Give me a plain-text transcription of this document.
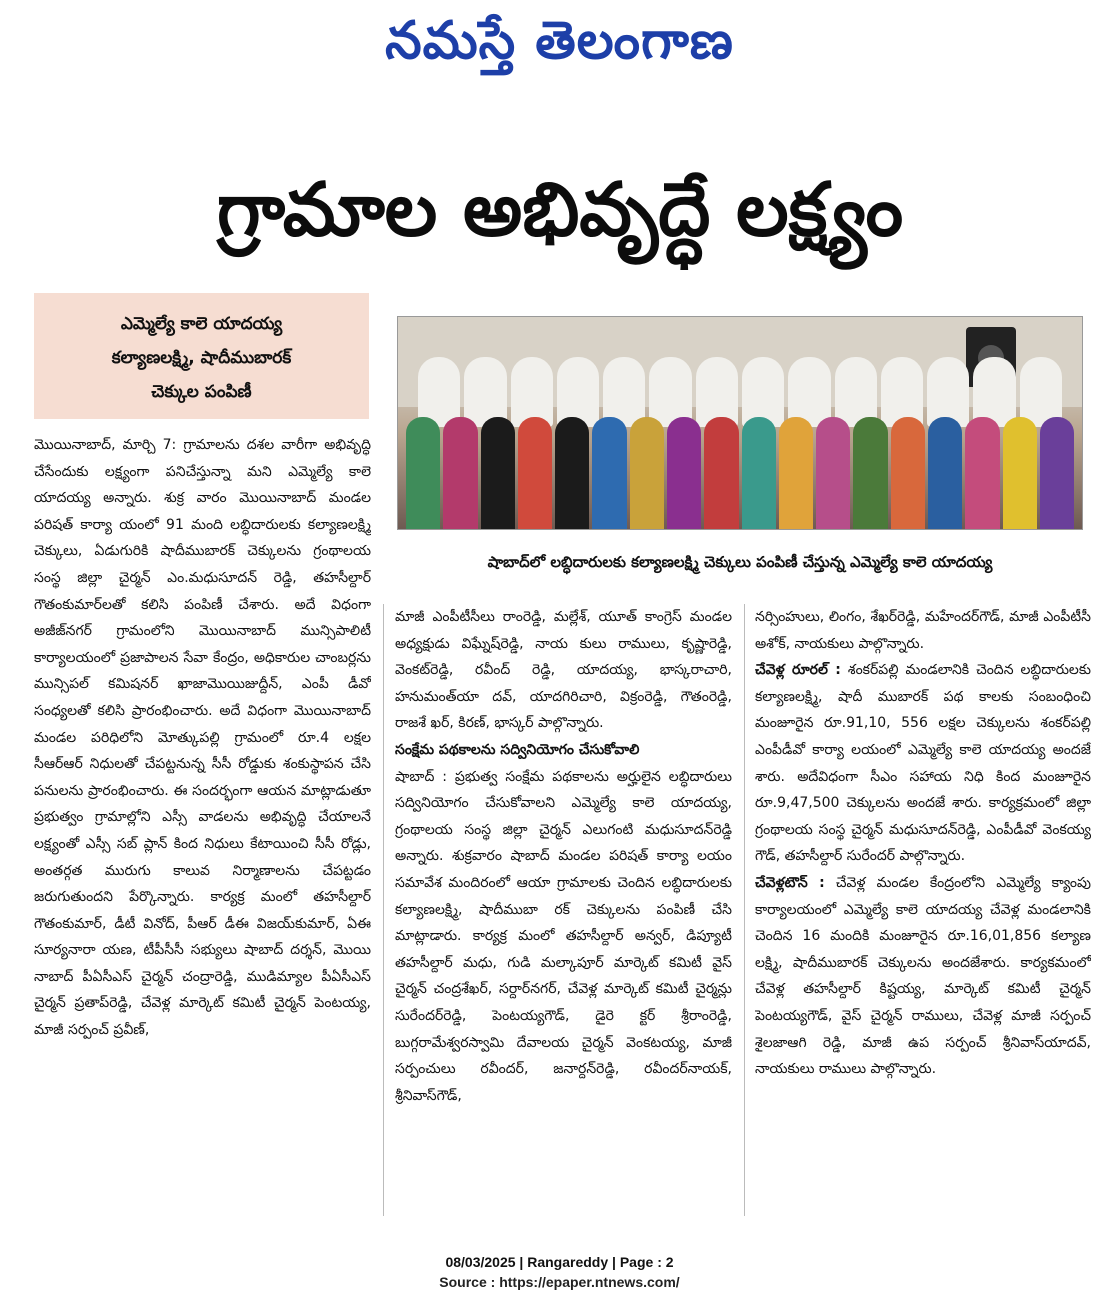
నమస్తే తెలంగాణ
గ్రామాల అభివృద్ధే లక్ష్యం
ఎమ్మెల్యే కాలె యాదయ్య
కల్యాణలక్ష్మి, షాదీముబారక్
చెక్కుల పంపిణీ
షాబాద్‌లో లబ్ధిదారులకు కల్యాణలక్ష్మి చెక్కులు పంపిణీ చేస్తున్న ఎమ్మెల్యే కాలె యాదయ్య

మొయినాబాద్, మార్చి 7: గ్రామాలను దశల వారీగా అభివృద్ధి చేసేందుకు లక్ష్యంగా పనిచేస్తున్నా మని ఎమ్మెల్యే కాలె యాదయ్య అన్నారు. శుక్ర వారం మొయినాబాద్ మండల పరిషత్ కార్యా యంలో 91 మంది లబ్ధిదారులకు కల్యాణలక్ష్మి చెక్కులు, ఏడుగురికి షాదీముబారక్ చెక్కులను గ్రంథాలయ సంస్థ జిల్లా చైర్మన్ ఎం.మధుసూదన్ రెడ్డి, తహసీల్దార్ గౌతంకుమార్‌లతో కలిసి పంపిణీ చేశారు. అదే విధంగా అజీజ్‌నగర్ గ్రామంలోని మొయినాబాద్ మున్సిపాలిటీ కార్యాలయంలో ప్రజాపాలన సేవా కేంద్రం, అధికారుల చాంబర్లను మున్సిపల్ కమిషనర్ ఖాజామొయిజుద్దీన్, ఎంపీ డీవో సంధ్యలతో కలిసి ప్రారంభించారు. అదే విధంగా మొయినాబాద్ మండల పరిధిలోని మోత్కుపల్లి గ్రామంలో రూ.4 లక్షల సీఆర్‌ఆర్ నిధులతో చేపట్టనున్న సీసీ రోడ్డుకు శంకుస్థాపన చేసి పనులను ప్రారంభించారు. ఈ సందర్భంగా ఆయన మాట్లాడుతూ ప్రభుత్వం గ్రామాల్లోని ఎస్సీ వాడలను అభివృద్ధి చేయాలనే లక్ష్యంతో ఎస్సీ సబ్ ప్లాన్ కింద నిధులు కేటాయించి సీసీ రోడ్లు, అంతర్గత మురుగు కాలువ నిర్మాణాలను చేపట్టడం జరుగుతుందని పేర్కొన్నారు. కార్యక్ర మంలో తహసీల్దార్ గౌతంకుమార్, డీటీ వినోద్, పీఆర్ డీఈ విజయ్‌కుమార్, ఏఈ సూర్యనారా యణ, టీపీసీసీ సభ్యులు షాబాద్ దర్శన్, మొయి నాబాద్ పీఏసీఎస్ చైర్మన్ చంద్రారెడ్డి, ముడిమ్యాల పీఏసీఎస్ చైర్మన్ ప్రతాప్‌రెడ్డి, చేవెళ్ల మార్కెట్ కమిటీ చైర్మన్ పెంటయ్య, మాజీ సర్పంచ్ ప్రవీణ్,

మాజీ ఎంపీటీసీలు రాంరెడ్డి, మల్లేశ్, యూత్ కాంగ్రెస్ మండల అధ్యక్షుడు విఘ్నేష్‌రెడ్డి, నాయ కులు రాములు, కృష్ణారెడ్డి, వెంకట్‌రెడ్డి, రవీంద్ రెడ్డి, యాదయ్య, భాస్కరాచారి, హనుమంత్‌యా దవ్, యాదగిరిచారి, విక్రంరెడ్డి, గౌతంరెడ్డి, రాజశే ఖర్, కిరణ్, భాస్కర్ పాల్గొన్నారు.

సంక్షేమ పథకాలను సద్వినియోగం చేసుకోవాలి

షాబాద్ : ప్రభుత్వ సంక్షేమ పథకాలను అర్హులైన లబ్ధిదారులు సద్వినియోగం చేసుకోవాలని ఎమ్మెల్యే కాలె యాదయ్య, గ్రంథాలయ సంస్థ జిల్లా చైర్మన్ ఎలుగంటి మధుసూదన్‌రెడ్డి అన్నారు. శుక్రవారం షాబాద్ మండల పరిషత్ కార్యా లయం సమావేశ మందిరంలో ఆయా గ్రామాలకు చెందిన లబ్ధిదారులకు కల్యాణలక్ష్మి, షాదీముబా రక్ చెక్కులను పంపిణీ చేసి మాట్లాడారు. కార్యక్ర మంలో తహసీల్దార్ అన్వర్, డిప్యూటీ తహసీల్దార్ మధు, గుడి మల్కాపూర్ మార్కెట్ కమిటీ వైస్ చైర్మన్ చంద్రశేఖర్, సర్దార్‌నగర్, చేవెళ్ల మార్కెట్ కమిటీ చైర్మన్లు సురేందర్‌రెడ్డి, పెంటయ్యగౌడ్, డైరె క్టర్ శ్రీరాంరెడ్డి, బుగ్గరామేశ్వరస్వామి దేవాలయ చైర్మన్ వెంకటయ్య, మాజీ సర్పంచులు రవీందర్, జనార్దన్‌రెడ్డి, రవీందర్‌నాయక్, శ్రీనివాస్‌గౌడ్,

నర్సింహులు, లింగం, శేఖర్‌రెడ్డి, మహేందర్‌గౌడ్, మాజీ ఎంపీటీసీ అశోక్, నాయకులు పాల్గొన్నారు.

చేవెళ్ల రూరల్ : శంకర్‌పల్లి మండలానికి చెందిన లబ్ధిదారులకు కల్యాణలక్ష్మి, షాదీ ముబారక్ పథ కాలకు సంబంధించి మంజూరైన రూ.91,10, 556 లక్షల చెక్కులను శంకర్‌పల్లి ఎంపీడీవో కార్యా లయంలో ఎమ్మెల్యే కాలె యాదయ్య అందజే శారు. అదేవిధంగా సీఎం సహాయ నిధి కింద మంజూరైన రూ.9,47,500 చెక్కులను అందజే శారు. కార్యక్రమంలో జిల్లా గ్రంథాలయ సంస్థ చైర్మన్ మధుసూదన్‌రెడ్డి, ఎంపీడీవో వెంకయ్య గౌడ్, తహసీల్దార్ సురేందర్ పాల్గొన్నారు.

చేవెళ్లటౌన్ : చేవెళ్ల మండల కేంద్రంలోని ఎమ్మెల్యే క్యాంపు కార్యాలయంలో ఎమ్మెల్యే కాలె యాదయ్య చేవెళ్ల మండలానికి చెందిన 16 మందికి మంజూరైన రూ.16,01,856 కల్యాణ లక్ష్మి, షాదీముబారక్ చెక్కులను అందజేశారు. కార్యకమంలో చేవెళ్ల తహసీల్దార్ కిష్టయ్య, మార్కెట్ కమిటీ చైర్మన్ పెంటయ్యగౌడ్, వైస్ చైర్మన్ రాములు, చేవెళ్ల మాజీ సర్పంచ్ శైలజాఆగి రెడ్డి, మాజీ ఉప సర్పంచ్ శ్రీనివాస్‌యాదవ్, నాయకులు రాములు పాల్గొన్నారు.

08/03/2025 | Rangareddy | Page : 2
Source : https://epaper.ntnews.com/
